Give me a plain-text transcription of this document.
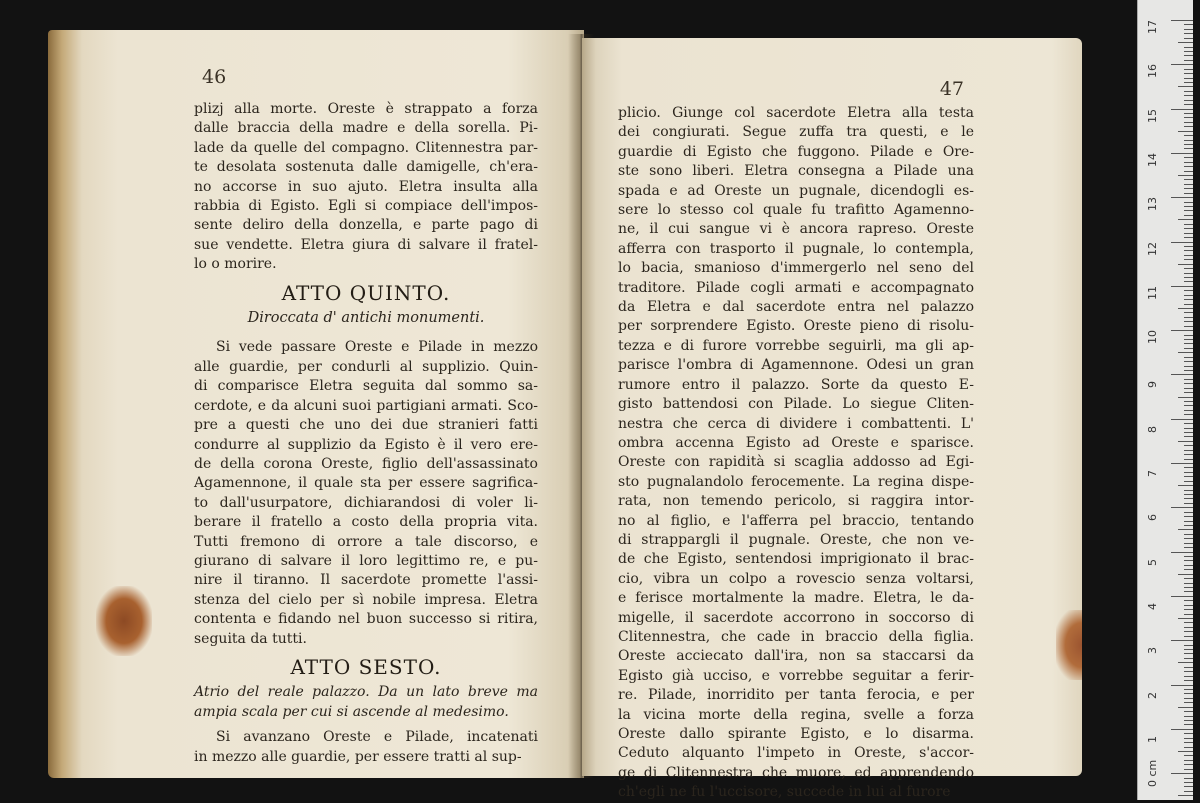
46
plizj alla morte. Oreste è strappato a forza
dalle braccia della madre e della sorella. Pi-
lade da quelle del compagno. Clitennestra par-
te desolata sostenuta dalle damigelle, ch'era-
no accorse in suo ajuto. Eletra insulta alla
rabbia di Egisto. Egli si compiace dell'impos-
sente deliro della donzella, e parte pago di
sue vendette. Eletra giura di salvare il fratel-
lo o morire.
ATTO QUINTO.
Diroccata d' antichi monumenti.
Si vede passare Oreste e Pilade in mezzo
alle guardie, per condurli al supplizio. Quin-
di comparisce Eletra seguita dal sommo sa-
cerdote, e da alcuni suoi partigiani armati. Sco-
pre a questi che uno dei due stranieri fatti
condurre al supplizio da Egisto è il vero ere-
de della corona Oreste, figlio dell'assassinato
Agamennone, il quale sta per essere sagrifica-
to dall'usurpatore, dichiarandosi di voler li-
berare il fratello a costo della propria vita.
Tutti fremono di orrore a tale discorso, e
giurano di salvare il loro legittimo re, e pu-
nire il tiranno. Il sacerdote promette l'assi-
stenza del cielo per sì nobile impresa. Eletra
contenta e fidando nel buon successo si ritira,
seguita da tutti.
ATTO SESTO.
Atrio del reale palazzo. Da un lato breve ma
ampia scala per cui si ascende al medesimo.
Si avanzano Oreste e Pilade, incatenati
in mezzo alle guardie, per essere tratti al sup-
47
plicio. Giunge col sacerdote Eletra alla testa
dei congiurati. Segue zuffa tra questi, e le
guardie di Egisto che fuggono. Pilade e Ore-
ste sono liberi. Eletra consegna a Pilade una
spada e ad Oreste un pugnale, dicendogli es-
sere lo stesso col quale fu trafitto Agamenno-
ne, il cui sangue vi è ancora rapreso. Oreste
afferra con trasporto il pugnale, lo contempla,
lo bacia, smanioso d'immergerlo nel seno del
traditore. Pilade cogli armati e accompagnato
da Eletra e dal sacerdote entra nel palazzo
per sorprendere Egisto. Oreste pieno di risolu-
tezza e di furore vorrebbe seguirli, ma gli ap-
parisce l'ombra di Agamennone. Odesi un gran
rumore entro il palazzo. Sorte da questo E-
gisto battendosi con Pilade. Lo siegue Cliten-
nestra che cerca di dividere i combattenti. L'
ombra accenna Egisto ad Oreste e sparisce.
Oreste con rapidità si scaglia addosso ad Egi-
sto pugnalandolo ferocemente. La regina dispe-
rata, non temendo pericolo, si raggira intor-
no al figlio, e l'afferra pel braccio, tentando
di strappargli il pugnale. Oreste, che non ve-
de che Egisto, sentendosi imprigionato il brac-
cio, vibra un colpo a rovescio senza voltarsi,
e ferisce mortalmente la madre. Eletra, le da-
migelle, il sacerdote accorrono in soccorso di
Clitennestra, che cade in braccio della figlia.
Oreste acciecato dall'ira, non sa staccarsi da
Egisto già ucciso, e vorrebbe seguitar a ferir-
re. Pilade, inorridito per tanta ferocia, e per
la vicina morte della regina, svelle a forza
Oreste dallo spirante Egisto, e lo disarma.
Ceduto alquanto l'impeto in Oreste, s'accor-
ge di Clitennestra che muore, ed apprendendo
ch'egli ne fu l'uccisore, succede in lui al furore
17
16
15
14
13
12
11
10
9
8
7
6
5
4
3
2
1
0 cm
